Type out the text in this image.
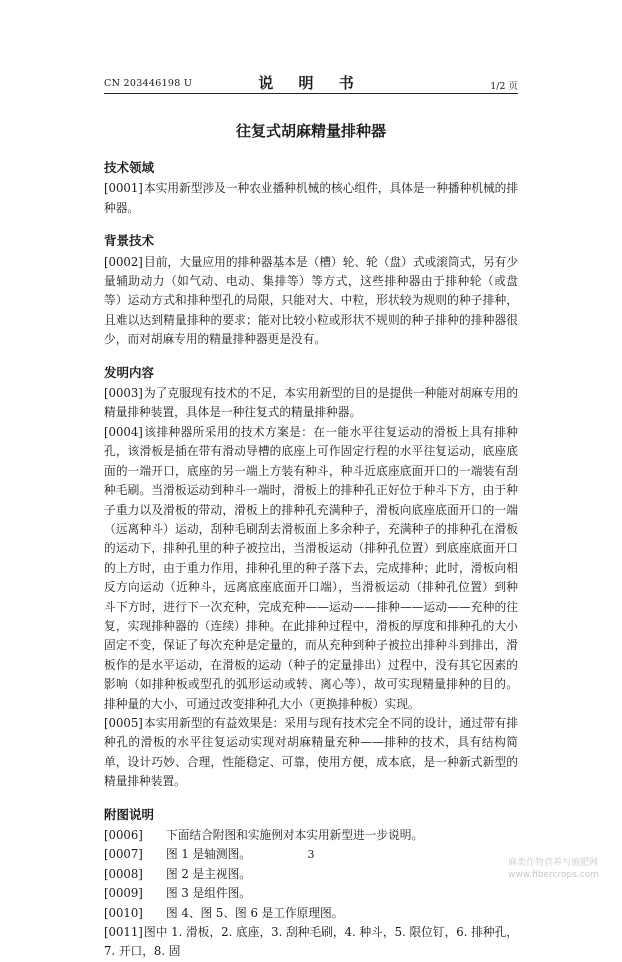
CN 203446198 U	说 明 书	1/2 页
往复式胡麻精量排种器
技术领域

[0001]本实用新型涉及一种农业播种机械的核心组件，具体是一种播种机械的排种器。

背景技术

[0002]目前，大量应用的排种器基本是（槽）轮、轮（盘）式或滚筒式，另有少量辅助动力（如气动、电动、集排等）等方式，这些排种器由于排种轮（或盘等）运动方式和排种型孔的局限，只能对大、中粒，形状较为规则的种子排种，且难以达到精量排种的要求；能对比较小粒或形状不规则的种子排种的排种器很少，而对胡麻专用的精量排种器更是没有。

发明内容

[0003]为了克服现有技术的不足，本实用新型的目的是提供一种能对胡麻专用的精量排种装置，具体是一种往复式的精量排种器。

[0004]该排种器所采用的技术方案是：在一能水平往复运动的滑板上具有排种孔，该滑板是插在带有滑动导槽的底座上可作固定行程的水平往复运动，底座底面的一端开口，底座的另一端上方装有种斗，种斗近底座底面开口的一端装有刮种毛刷。当滑板运动到种斗一端时，滑板上的排种孔正好位于种斗下方，由于种子重力以及滑板的带动，滑板上的排种孔充满种子，滑板向底座底面开口的一端（远离种斗）运动，刮种毛刷刮去滑板面上多余种子，充满种子的排种孔在滑板的运动下，排种孔里的种子被拉出，当滑板运动（排种孔位置）到底座底面开口的上方时，由于重力作用，排种孔里的种子落下去，完成排种；此时，滑板向相反方向运动（近种斗，远离底座底面开口端），当滑板运动（排种孔位置）到种斗下方时，进行下一次充种，完成充种——运动——排种——运动——充种的往复，实现排种器的（连续）排种。在此排种过程中，滑板的厚度和排种孔的大小固定不变，保证了每次充种是定量的，而从充种到种子被拉出排种斗到排出，滑板作的是水平运动，在滑板的运动（种子的定量排出）过程中，没有其它因素的影响（如排种板或型孔的弧形运动或转、离心等），故可实现精量排种的目的。排种量的大小，可通过改变排种孔大小（更换排种板）实现。

[0005]本实用新型的有益效果是：采用与现有技术完全不同的设计，通过带有排种孔的滑板的水平往复运动实现对胡麻精量充种——排种的技术，具有结构简单，设计巧妙、合理，性能稳定、可靠，使用方便，成本底，是一种新式新型的精量排种装置。

附图说明

[0006] 下面结合附图和实施例对本实用新型进一步说明。

[0007] 图 1 是轴测图。

[0008] 图 2 是主视图。

[0009] 图 3 是组件图。

[0010] 图 4、图 5、图 6 是工作原理图。

[0011]图中 1. 滑板，2. 底座，3. 刮种毛刷，4. 种斗，5. 限位钉，6. 排种孔，7. 开口，8. 固

3
麻类作物营养与施肥网
www.fibercrops.com
